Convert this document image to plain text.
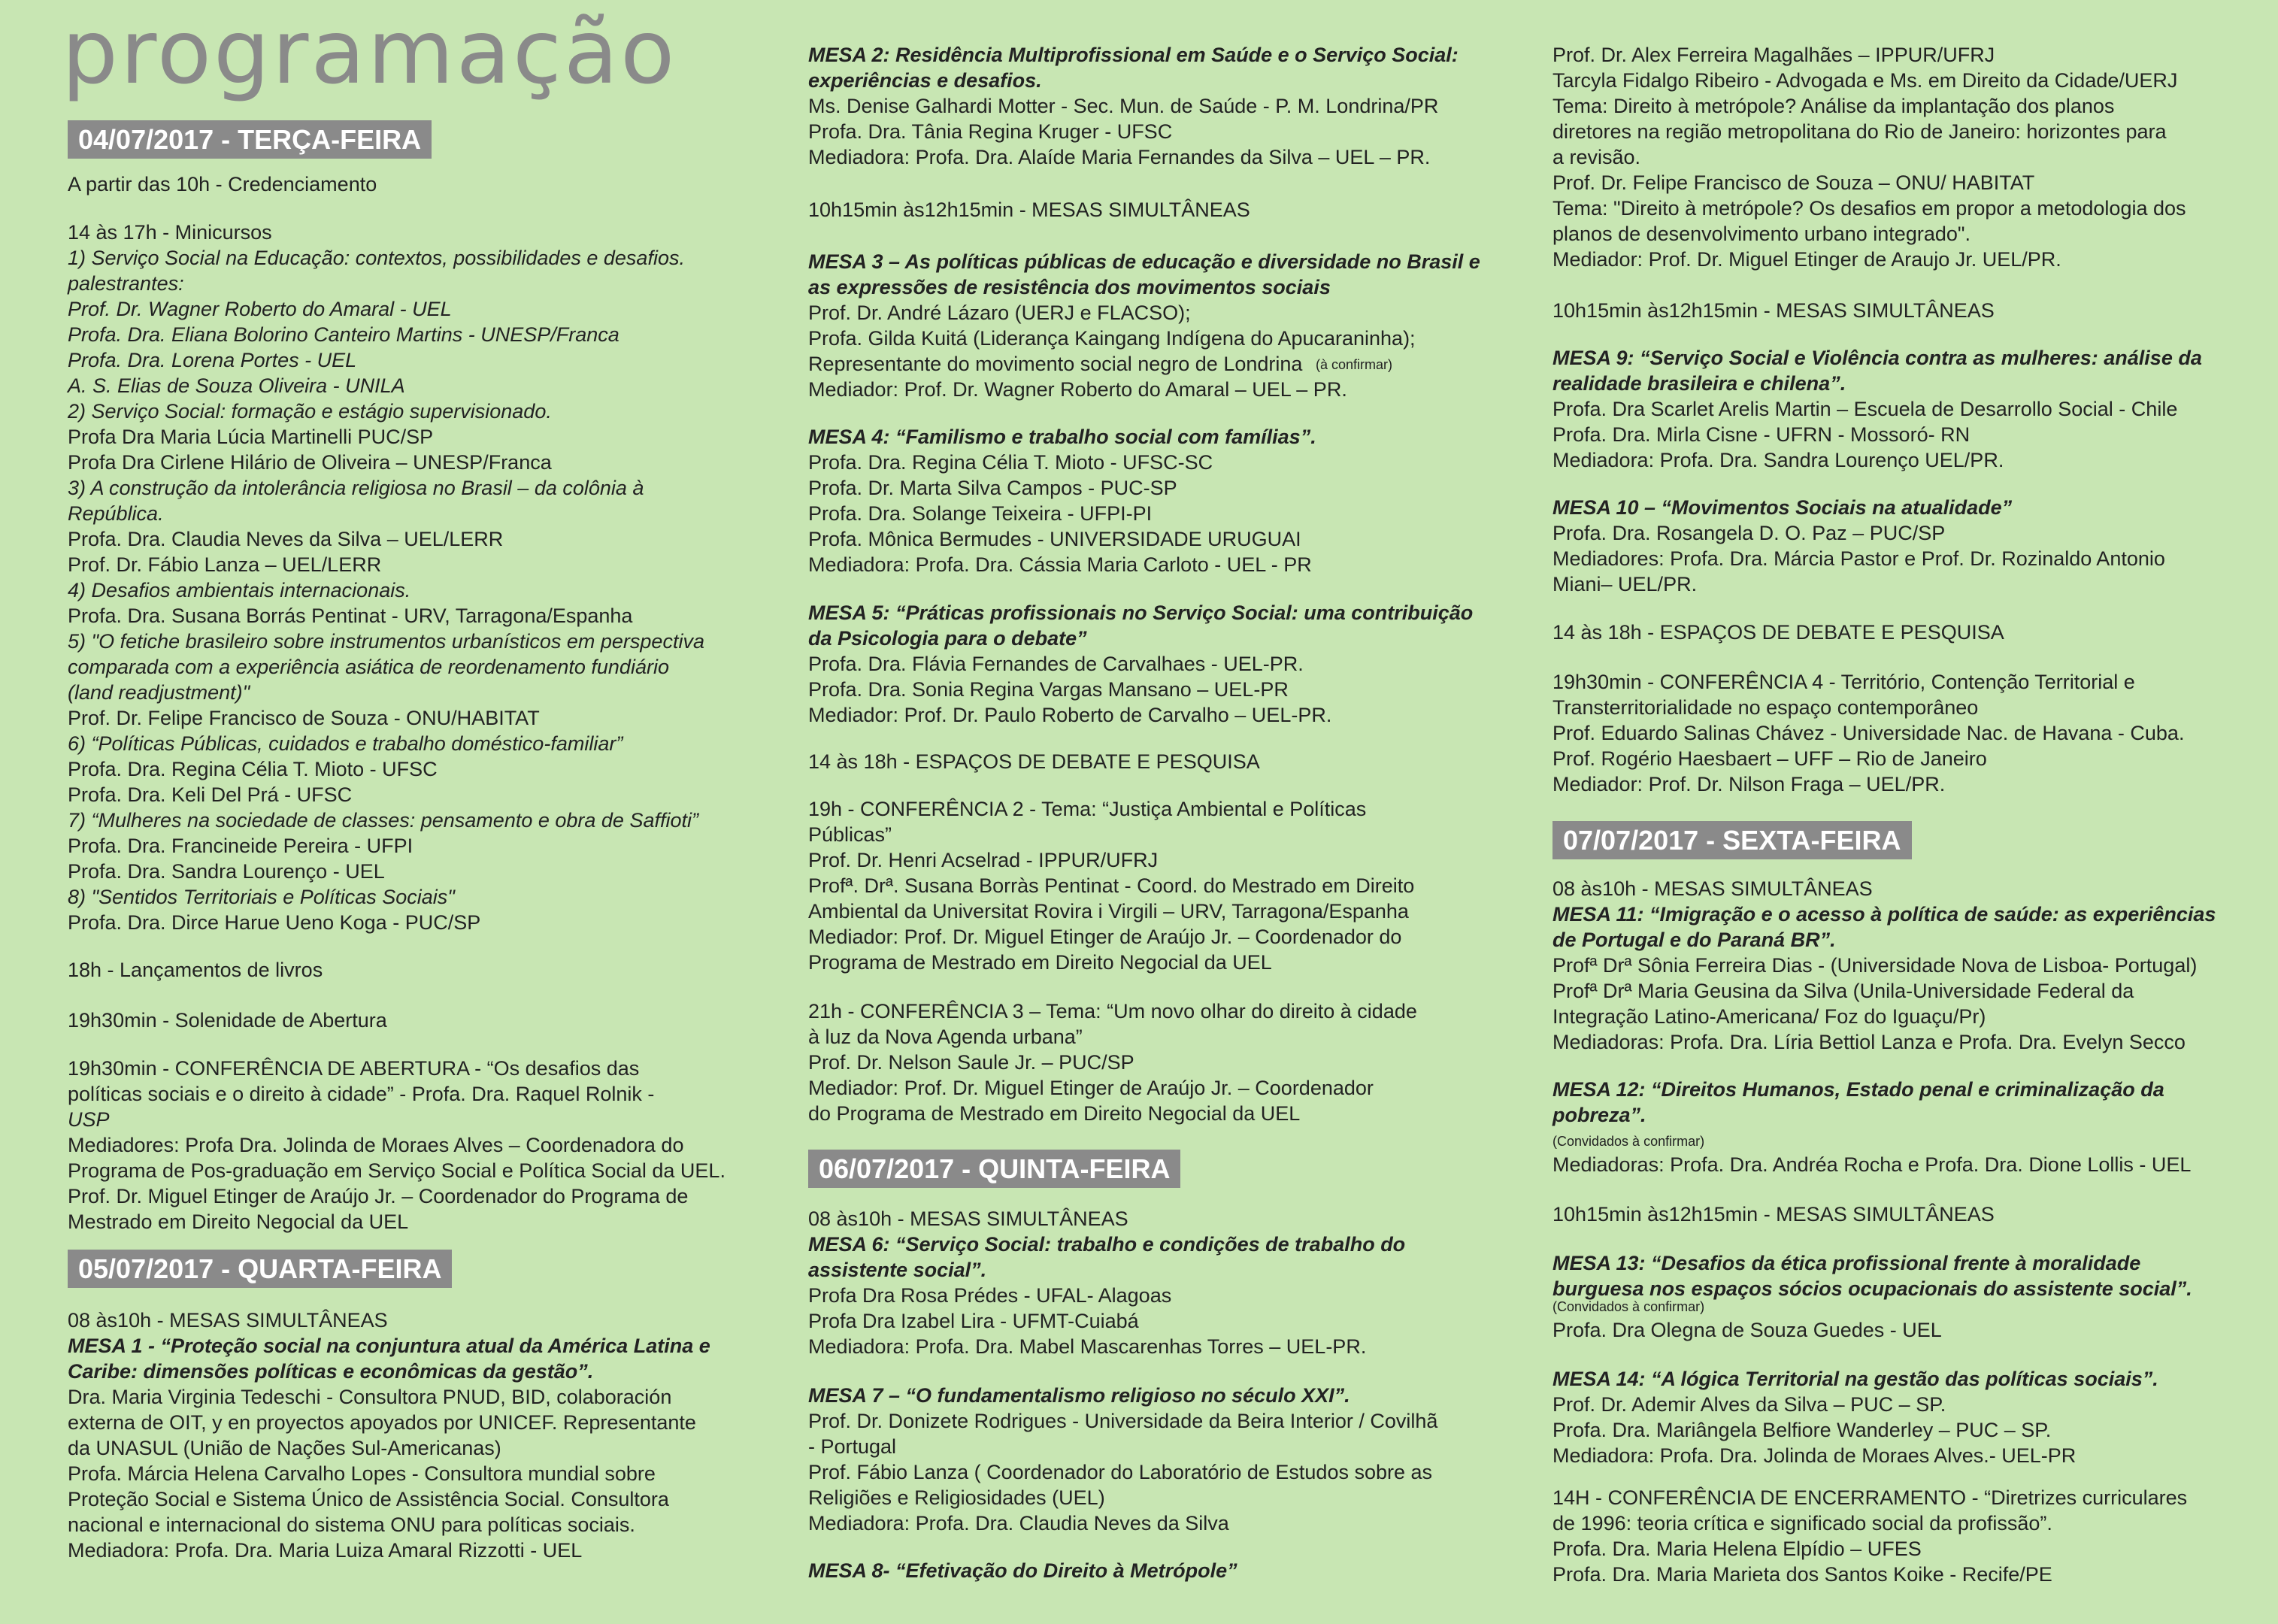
programação
04/07/2017 - TERÇA-FEIRA
A partir das 10h - Credenciamento
14 às 17h - Minicursos
1) Serviço Social na Educação: contextos, possibilidades e desafios.
palestrantes:
Prof. Dr. Wagner Roberto do Amaral - UEL
Profa. Dra. Eliana Bolorino Canteiro Martins - UNESP/Franca
Profa. Dra. Lorena Portes - UEL
A. S. Elias de Souza Oliveira - UNILA
2) Serviço Social: formação e estágio supervisionado.
Profa Dra Maria Lúcia Martinelli PUC/SP
Profa Dra Cirlene Hilário de Oliveira – UNESP/Franca
3) A construção da intolerância religiosa no Brasil – da colônia à
República.
Profa. Dra. Claudia Neves da Silva – UEL/LERR
Prof. Dr. Fábio Lanza – UEL/LERR
4) Desafios ambientais internacionais.
Profa. Dra. Susana Borrás Pentinat - URV, Tarragona/Espanha
5) "O fetiche brasileiro sobre instrumentos urbanísticos em perspectiva
comparada com a experiência asiática de reordenamento fundiário
(land readjustment)"
Prof. Dr. Felipe Francisco de Souza - ONU/HABITAT
6) “Políticas Públicas, cuidados e trabalho doméstico-familiar”
Profa. Dra. Regina Célia T. Mioto - UFSC
Profa. Dra. Keli Del Prá - UFSC
7) “Mulheres na sociedade de classes: pensamento e obra de Saffioti”
Profa. Dra. Francineide Pereira - UFPI
Profa. Dra. Sandra Lourenço - UEL
8) "Sentidos Territoriais e Políticas Sociais"
Profa. Dra. Dirce Harue Ueno Koga - PUC/SP
18h - Lançamentos de livros
19h30min - Solenidade de Abertura
19h30min - CONFERÊNCIA DE ABERTURA - “Os desafios das
políticas sociais e o direito à cidade” - Profa. Dra. Raquel Rolnik -
USP
Mediadores: Profa Dra. Jolinda de Moraes Alves – Coordenadora do
Programa de Pos-graduação em Serviço Social e Política Social da UEL.
Prof. Dr. Miguel Etinger de Araújo Jr. – Coordenador do Programa de
Mestrado em Direito Negocial da UEL
05/07/2017 - QUARTA-FEIRA
08 às10h - MESAS SIMULTÂNEAS
MESA 1 - “Proteção social na conjuntura atual da América Latina e
Caribe: dimensões políticas e econômicas da gestão”.
Dra. Maria Virginia Tedeschi - Consultora PNUD, BID, colaboración
externa de OIT, y en proyectos apoyados por UNICEF. Representante
da UNASUL (União de Nações Sul-Americanas)
Profa. Márcia Helena Carvalho Lopes - Consultora mundial sobre
Proteção Social e Sistema Único de Assistência Social. Consultora
nacional e internacional do sistema ONU para políticas sociais.
Mediadora: Profa. Dra. Maria Luiza Amaral Rizzotti - UEL
MESA 2: Residência Multiprofissional em Saúde e o Serviço Social:
experiências e desafios.
Ms. Denise Galhardi Motter - Sec. Mun. de Saúde - P. M. Londrina/PR
Profa. Dra. Tânia Regina Kruger - UFSC
Mediadora: Profa. Dra. Alaíde Maria Fernandes da Silva – UEL – PR.
10h15min às12h15min - MESAS SIMULTÂNEAS
MESA 3 – As políticas públicas de educação e diversidade no Brasil e
as expressões de resistência dos movimentos sociais
Prof. Dr. André Lázaro (UERJ e FLACSO);
Profa. Gilda Kuitá (Liderança Kaingang Indígena do Apucaraninha);
Representante do movimento social negro de Londrina
Mediador: Prof. Dr. Wagner Roberto do Amaral – UEL – PR.
(à confirmar)
MESA 4: “Familismo e trabalho social com famílias”.
Profa. Dra. Regina Célia T. Mioto - UFSC-SC
Profa. Dr. Marta Silva Campos - PUC-SP
Profa. Dra. Solange Teixeira - UFPI-PI
Profa. Mônica Bermudes - UNIVERSIDADE URUGUAI
Mediadora: Profa. Dra. Cássia Maria Carloto - UEL - PR
MESA 5: “Práticas profissionais no Serviço Social: uma contribuição
da Psicologia para o debate”
Profa. Dra. Flávia Fernandes de Carvalhaes - UEL-PR.
Profa. Dra. Sonia Regina Vargas Mansano – UEL-PR
Mediador: Prof. Dr. Paulo Roberto de Carvalho – UEL-PR.
14 às 18h - ESPAÇOS DE DEBATE E PESQUISA
19h - CONFERÊNCIA 2 - Tema: “Justiça Ambiental e Políticas
Públicas”
Prof. Dr. Henri Acselrad - IPPUR/UFRJ
Profª. Drª. Susana Borràs Pentinat - Coord. do Mestrado em Direito
Ambiental da Universitat Rovira i Virgili – URV, Tarragona/Espanha
Mediador: Prof. Dr. Miguel Etinger de Araújo Jr. – Coordenador do
Programa de Mestrado em Direito Negocial da UEL
21h - CONFERÊNCIA 3 – Tema: “Um novo olhar do direito à cidade
à luz da Nova Agenda urbana”
Prof. Dr. Nelson Saule Jr. – PUC/SP
Mediador: Prof. Dr. Miguel Etinger de Araújo Jr. – Coordenador
do Programa de Mestrado em Direito Negocial da UEL
06/07/2017 - QUINTA-FEIRA
08 às10h - MESAS SIMULTÂNEAS
MESA 6: “Serviço Social: trabalho e condições de trabalho do
assistente social”.
Profa Dra Rosa Prédes - UFAL- Alagoas
Profa Dra Izabel Lira - UFMT-Cuiabá
Mediadora: Profa. Dra. Mabel Mascarenhas Torres – UEL-PR.
MESA 7 – “O fundamentalismo religioso no século XXI”.
Prof. Dr. Donizete Rodrigues - Universidade da Beira Interior / Covilhã
- Portugal
Prof. Fábio Lanza ( Coordenador do Laboratório de Estudos sobre as
Religiões e Religiosidades (UEL)
Mediadora: Profa. Dra. Claudia Neves da Silva
MESA 8- “Efetivação do Direito à Metrópole”
Prof. Dr. Alex Ferreira Magalhães – IPPUR/UFRJ
Tarcyla Fidalgo Ribeiro - Advogada e Ms. em Direito da Cidade/UERJ
Tema: Direito à metrópole? Análise da implantação dos planos
diretores na região metropolitana do Rio de Janeiro: horizontes para
a revisão.
Prof. Dr. Felipe Francisco de Souza – ONU/ HABITAT
Tema: "Direito à metrópole? Os desafios em propor a metodologia dos
planos de desenvolvimento urbano integrado".
Mediador: Prof. Dr. Miguel Etinger de Araujo Jr. UEL/PR.
10h15min às12h15min - MESAS SIMULTÂNEAS
MESA 9: “Serviço Social e Violência contra as mulheres: análise da
realidade brasileira e chilena”.
Profa. Dra Scarlet Arelis Martin – Escuela de Desarrollo Social - Chile
Profa. Dra. Mirla Cisne - UFRN - Mossoró- RN
Mediadora: Profa. Dra. Sandra Lourenço UEL/PR.
MESA 10 – “Movimentos Sociais na atualidade”
Profa. Dra. Rosangela D. O. Paz – PUC/SP
Mediadores: Profa. Dra. Márcia Pastor e Prof. Dr. Rozinaldo Antonio
Miani– UEL/PR.
14 às 18h - ESPAÇOS DE DEBATE E PESQUISA
19h30min - CONFERÊNCIA 4 - Território, Contenção Territorial e
Transterritorialidade no espaço contemporâneo
Prof. Eduardo Salinas Chávez - Universidade Nac. de Havana - Cuba.
Prof. Rogério Haesbaert – UFF – Rio de Janeiro
Mediador: Prof. Dr. Nilson Fraga – UEL/PR.
07/07/2017 - SEXTA-FEIRA
08 às10h - MESAS SIMULTÂNEAS
MESA 11: “Imigração e o acesso à política de saúde: as experiências
de Portugal e do Paraná BR”.
Profª Drª Sônia Ferreira Dias - (Universidade Nova de Lisboa- Portugal)
Profª Drª Maria Geusina da Silva (Unila-Universidade Federal da
Integração Latino-Americana/ Foz do Iguaçu/Pr)
Mediadoras: Profa. Dra. Líria Bettiol Lanza e Profa. Dra. Evelyn Secco
MESA 12: “Direitos Humanos, Estado penal e criminalização da
pobreza”.
(Convidados à confirmar)
Mediadoras: Profa. Dra. Andréa Rocha e Profa. Dra. Dione Lollis - UEL
10h15min às12h15min - MESAS SIMULTÂNEAS
MESA 13: “Desafios da ética profissional frente à moralidade
burguesa nos espaços sócios ocupacionais do assistente social”.
(Convidados à confirmar)
Profa. Dra Olegna de Souza Guedes - UEL
MESA 14: “A lógica Territorial na gestão das políticas sociais”.
Prof. Dr. Ademir Alves da Silva – PUC – SP.
Profa. Dra. Mariângela Belfiore Wanderley – PUC – SP.
Mediadora: Profa. Dra. Jolinda de Moraes Alves.- UEL-PR
14H - CONFERÊNCIA DE ENCERRAMENTO - “Diretrizes curriculares
de 1996: teoria crítica e significado social da profissão”.
Profa. Dra. Maria Helena Elpídio – UFES
Profa. Dra. Maria Marieta dos Santos Koike - Recife/PE
